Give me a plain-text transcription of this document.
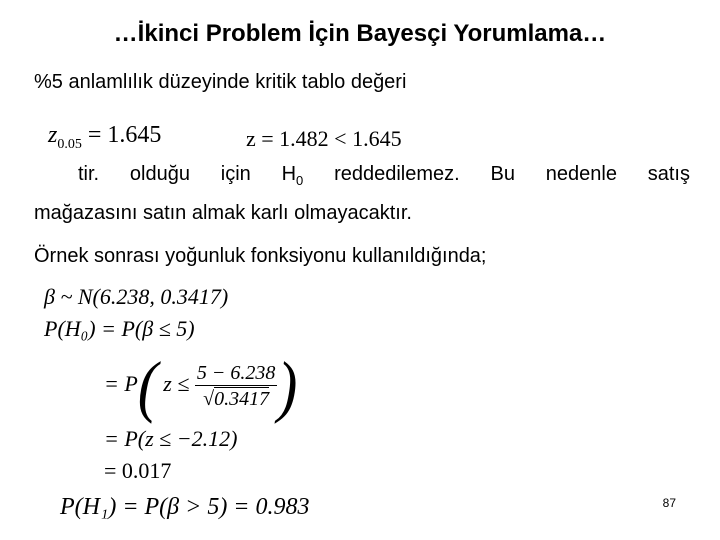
…İkinci Problem İçin Bayesçi Yorumlama…
%5 anlamlılık düzeyinde kritik tablo değeri
$z_{0.05} = 1.645$	z = 1.482 < 1.645
tir. olduğu için $H_0$ reddedilemez. Bu nedenle satış
mağazasını satın almak karlı olmayacaktır.
Örnek sonrası yoğunluk fonksiyonu kullanıldığında;
β ~ N(6.238, 0.3417)
P(H₀) = P(β ≤ 5)
= P( $z \le \frac{5 - 6.238}{√0.3417}$ )
= P(z ≤ −2.12)
= 0.017
P(H₁) = P(β > 5) = 0.983	87
